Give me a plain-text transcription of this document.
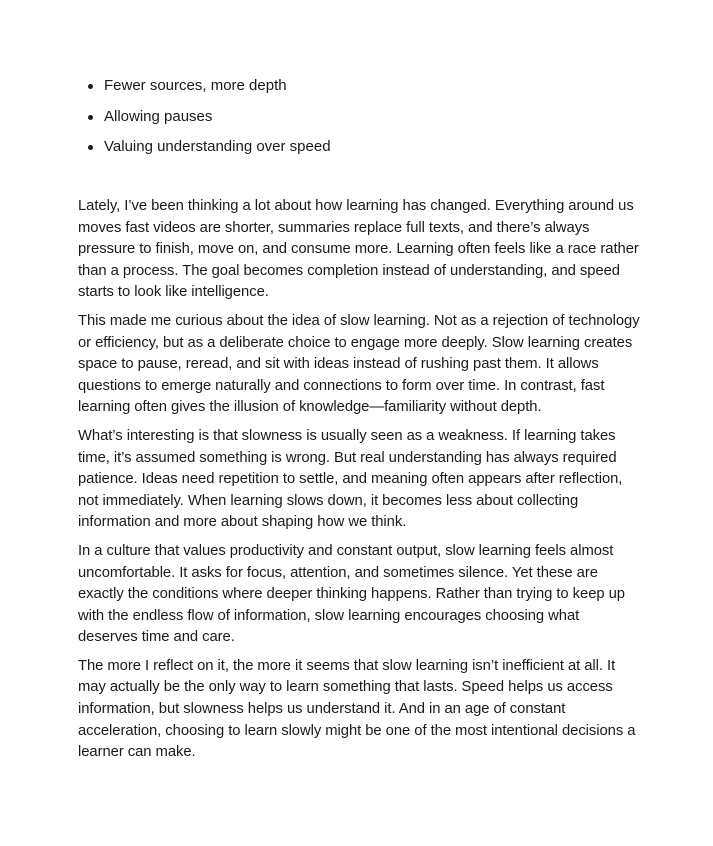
Fewer sources, more depth
Allowing pauses
Valuing understanding over speed

Lately, I’ve been thinking a lot about how learning has changed. Everything around us moves fast videos are shorter, summaries replace full texts, and there’s always pressure to finish, move on, and consume more. Learning often feels like a race rather than a process. The goal becomes completion instead of understanding, and speed starts to look like intelligence.

This made me curious about the idea of slow learning. Not as a rejection of technology or efficiency, but as a deliberate choice to engage more deeply. Slow learning creates space to pause, reread, and sit with ideas instead of rushing past them. It allows questions to emerge naturally and connections to form over time. In contrast, fast learning often gives the illusion of knowledge—familiarity without depth.

What’s interesting is that slowness is usually seen as a weakness. If learning takes time, it’s assumed something is wrong. But real understanding has always required patience. Ideas need repetition to settle, and meaning often appears after reflection, not immediately. When learning slows down, it becomes less about collecting information and more about shaping how we think.

In a culture that values productivity and constant output, slow learning feels almost uncomfortable. It asks for focus, attention, and sometimes silence. Yet these are exactly the conditions where deeper thinking happens. Rather than trying to keep up with the endless flow of information, slow learning encourages choosing what deserves time and care.

The more I reflect on it, the more it seems that slow learning isn’t inefficient at all. It may actually be the only way to learn something that lasts. Speed helps us access information, but slowness helps us understand it. And in an age of constant acceleration, choosing to learn slowly might be one of the most intentional decisions a learner can make.
